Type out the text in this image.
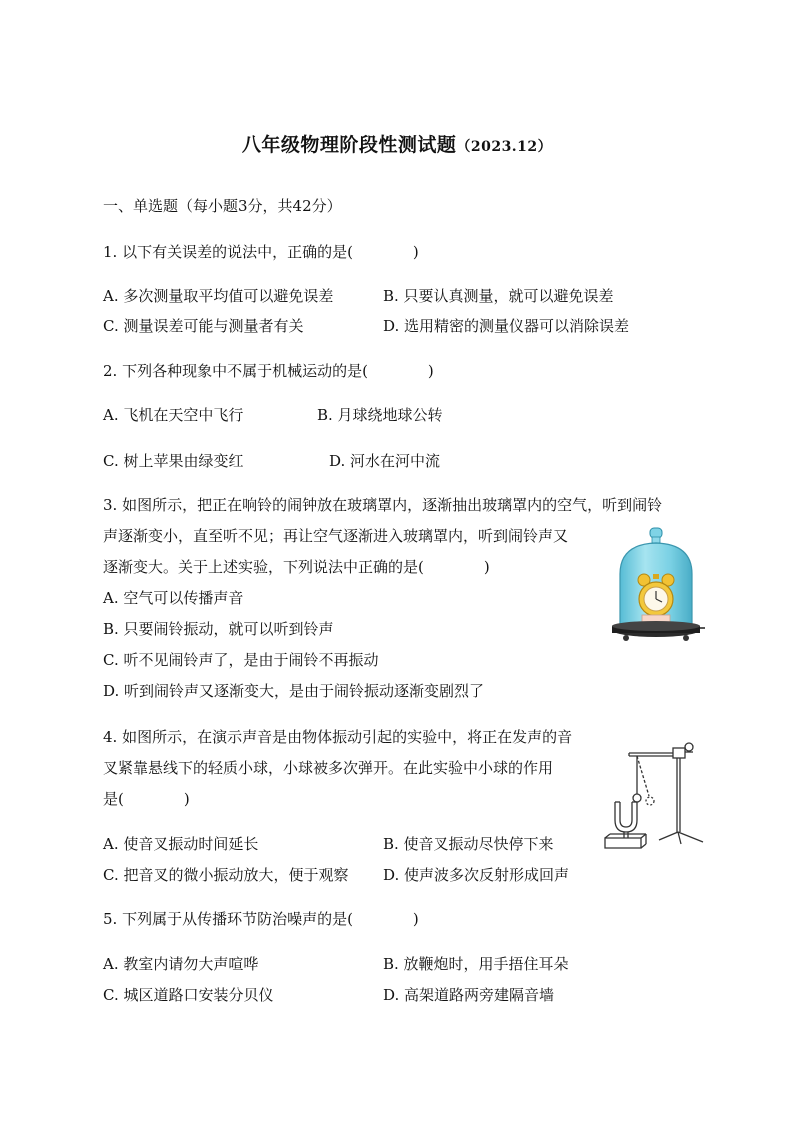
八年级物理阶段性测试题（2023.12）
一、单选题（每小题3分，共42分）
1. 以下有关误差的说法中，正确的是(　　　　)
A. 多次测量取平均值可以避免误差	B. 只要认真测量，就可以避免误差
C. 测量误差可能与测量者有关	D. 选用精密的测量仪器可以消除误差
2. 下列各种现象中不属于机械运动的是(　　　　)
A. 飞机在天空中飞行	B. 月球绕地球公转
C. 树上苹果由绿变红	D. 河水在河中流
3. 如图所示，把正在响铃的闹钟放在玻璃罩内，逐渐抽出玻璃罩内的空气，听到闹铃
声逐渐变小，直至听不见；再让空气逐渐进入玻璃罩内，听到闹铃声又
逐渐变大。关于上述实验，下列说法中正确的是(　　　　)
A. 空气可以传播声音
B. 只要闹铃振动，就可以听到铃声
C. 听不见闹铃声了，是由于闹铃不再振动
D. 听到闹铃声又逐渐变大，是由于闹铃振动逐渐变剧烈了
4. 如图所示，在演示声音是由物体振动引起的实验中，将正在发声的音
叉紧靠悬线下的轻质小球，小球被多次弹开。在此实验中小球的作用
是(　　　　)
A. 使音叉振动时间延长	B. 使音叉振动尽快停下来
C. 把音叉的微小振动放大，便于观察 D. 使声波多次反射形成回声
5. 下列属于从传播环节防治噪声的是(　　　　)
A. 教室内请勿大声喧哗	B. 放鞭炮时，用手捂住耳朵
C. 城区道路口安装分贝仪	D. 高架道路两旁建隔音墙
